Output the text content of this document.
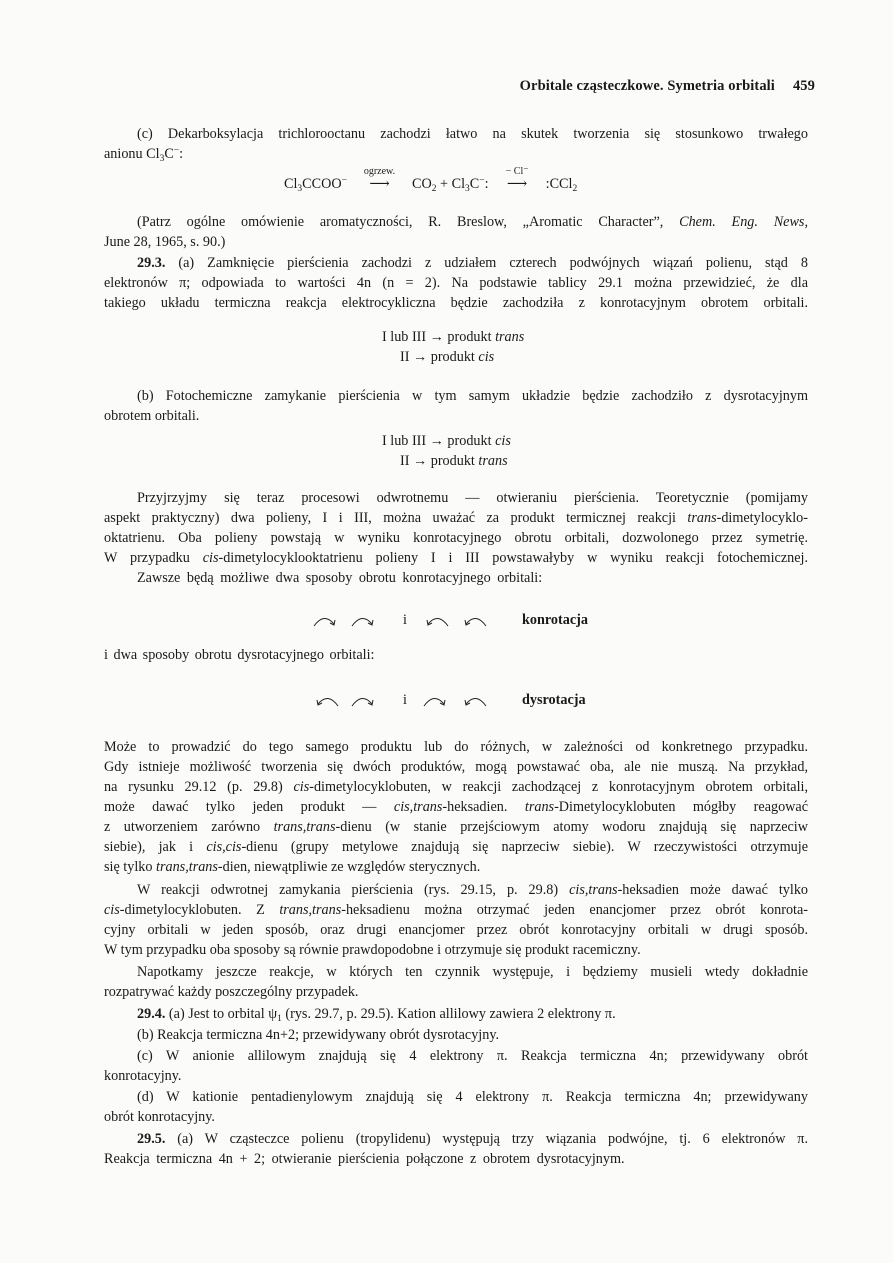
Orbitale cząsteczkowe. Symetria orbitali 459
(c) Dekarboksylacja trichlorooctanu zachodzi łatwo na skutek tworzenia się stosunkowo trwałego
anionu $Cl_3C^-$:
$Cl_3CCOO^-$
ogrzew.
⟶ $CO_2 + Cl_3C^-$:
− Cl⁻
⟶ :CCl$_2$
(Patrz ogólne omówienie aromatyczności, R. Breslow, „Aromatic Character”, Chem. Eng. News,
June 28, 1965, s. 90.)
29.3. (a) Zamknięcie pierścienia zachodzi z udziałem czterech podwójnych wiązań polienu, stąd 8
elektronów π; odpowiada to wartości 4n (n = 2). Na podstawie tablicy 29.1 można przewidzieć, że dla
takiego układu termiczna reakcja elektrocykliczna będzie zachodziła z konrotacyjnym obrotem orbitali.
I lub III → produkt trans
II → produkt cis
(b) Fotochemiczne zamykanie pierścienia w tym samym układzie będzie zachodziło z dysrotacyjnym
obrotem orbitali.
I lub III → produkt cis
II → produkt trans
Przyjrzyjmy się teraz procesowi odwrotnemu — otwieraniu pierścienia. Teoretycznie (pomijamy
aspekt praktyczny) dwa polieny, I i III, można uważać za produkt termicznej reakcji trans-dimetylocyklo-
oktatrienu. Oba polieny powstają w wyniku konrotacyjnego obrotu orbitali, dozwolonego przez symetrię.
W przypadku cis-dimetylocyklooktatrienu polieny I i III powstawałyby w wyniku reakcji fotochemicznej.
Zawsze będą możliwe dwa sposoby obrotu konrotacyjnego orbitali:
i	konrotacja
i dwa sposoby obrotu dysrotacyjnego orbitali:
i	dysrotacja
Może to prowadzić do tego samego produktu lub do różnych, w zależności od konkretnego przypadku.
Gdy istnieje możliwość tworzenia się dwóch produktów, mogą powstawać oba, ale nie muszą. Na przykład,
na rysunku 29.12 (p. 29.8) cis-dimetylocyklobuten, w reakcji zachodzącej z konrotacyjnym obrotem orbitali,
może dawać tylko jeden produkt — cis,trans-heksadien. trans-Dimetylocyklobuten mógłby reagować
z utworzeniem zarówno trans,trans-dienu (w stanie przejściowym atomy wodoru znajdują się naprzeciw
siebie), jak i cis,cis-dienu (grupy metylowe znajdują się naprzeciw siebie). W rzeczywistości otrzymuje
się tylko trans,trans-dien, niewątpliwie ze względów sterycznych.
W reakcji odwrotnej zamykania pierścienia (rys. 29.15, p. 29.8) cis,trans-heksadien może dawać tylko
cis-dimetylocyklobuten. Z trans,trans-heksadienu można otrzymać jeden enancjomer przez obrót konrota-
cyjny orbitali w jeden sposób, oraz drugi enancjomer przez obrót konrotacyjny orbitali w drugi sposób.
W tym przypadku oba sposoby są równie prawdopodobne i otrzymuje się produkt racemiczny.
Napotkamy jeszcze reakcje, w których ten czynnik występuje, i będziemy musieli wtedy dokładnie
rozpatrywać każdy poszczególny przypadek.
29.4. (a) Jest to orbital $\psi_1$ (rys. 29.7, p. 29.5). Kation allilowy zawiera 2 elektrony π.
(b) Reakcja termiczna 4n+2; przewidywany obrót dysrotacyjny.
(c) W anionie allilowym znajdują się 4 elektrony π. Reakcja termiczna 4n; przewidywany obrót
konrotacyjny.
(d) W kationie pentadienylowym znajdują się 4 elektrony π. Reakcja termiczna 4n; przewidywany
obrót konrotacyjny.
29.5. (a) W cząsteczce polienu (tropylidenu) występują trzy wiązania podwójne, tj. 6 elektronów π.
Reakcja termiczna 4n + 2; otwieranie pierścienia połączone z obrotem dysrotacyjnym.
